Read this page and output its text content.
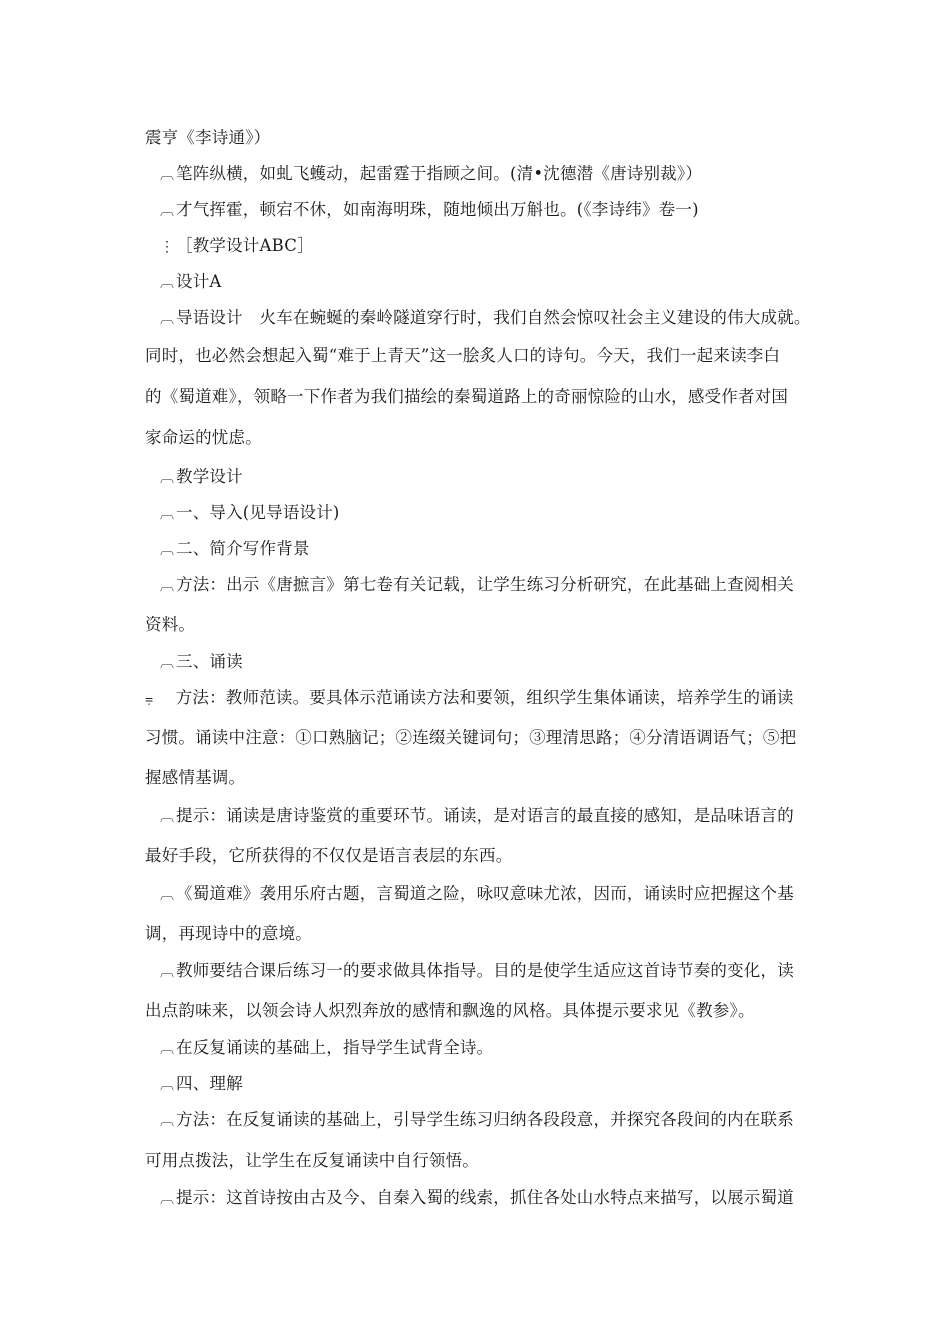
震亨《李诗通》）
︹ 笔阵纵横，如虬飞蠖动，起雷霆于指顾之间。(清•沈德潜《唐诗别裁》）
︹ 才气挥霍，顿宕不休，如南海明珠，随地倾出万斛也。(《李诗纬》卷一)
⋮ ［教学设计ABC］
︹ 设计A
︹ 导语设计　火车在蜿蜒的秦岭隧道穿行时，我们自然会惊叹社会主义建设的伟大成就。
同时，也必然会想起入蜀“难于上青天”这一脍炙人口的诗句。今天，我们一起来读李白
的《蜀道难》，领略一下作者为我们描绘的秦蜀道路上的奇丽惊险的山水，感受作者对国
家命运的忧虑。
︹ 教学设计
︹ 一、导入(见导语设计)
︹ 二、简介写作背景
︹ 方法：出示《唐摭言》第七卷有关记载，让学生练习分析研究，在此基础上查阅相关
资料。
︹ 三、诵读
⩦　方法：教师范读。要具体示范诵读方法和要领，组织学生集体诵读，培养学生的诵读
习惯。诵读中注意：①口熟脑记；②连缀关键词句；③理清思路；④分清语调语气；⑤把
握感情基调。
︹ 提示：诵读是唐诗鉴赏的重要环节。诵读，是对语言的最直接的感知，是品味语言的
最好手段，它所获得的不仅仅是语言表层的东西。
︹ 《蜀道难》袭用乐府古题，言蜀道之险，咏叹意味尤浓，因而，诵读时应把握这个基
调，再现诗中的意境。
︹ 教师要结合课后练习一的要求做具体指导。目的是使学生适应这首诗节奏的变化，读
出点韵味来，以领会诗人炽烈奔放的感情和飘逸的风格。具体提示要求见《教参》。
︹ 在反复诵读的基础上，指导学生试背全诗。
︹ 四、理解
︹ 方法：在反复诵读的基础上，引导学生练习归纳各段段意，并探究各段间的内在联系
可用点拨法，让学生在反复诵读中自行领悟。
︹ 提示：这首诗按由古及今、自秦入蜀的线索，抓住各处山水特点来描写，以展示蜀道
